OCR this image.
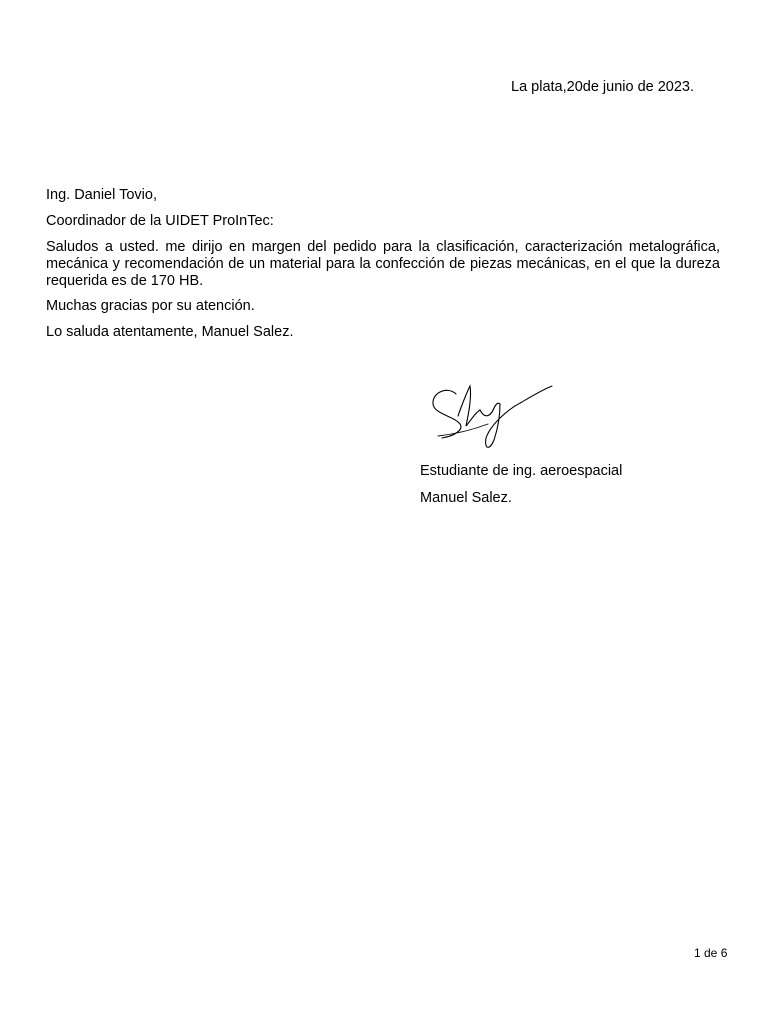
La plata,20de junio de 2023.

Ing. Daniel Tovio,

Coordinador de la UIDET ProInTec:

Saludos a usted. me dirijo en margen del pedido para la clasificación, caracterización metalográfica, mecánica y recomendación de un material para la confección de piezas mecánicas, en el que la dureza requerida es de 170 HB.

Muchas gracias por su atención.

Lo saluda atentamente, Manuel Salez.

Estudiante de ing. aeroespacial

Manuel Salez.

1 de 6
